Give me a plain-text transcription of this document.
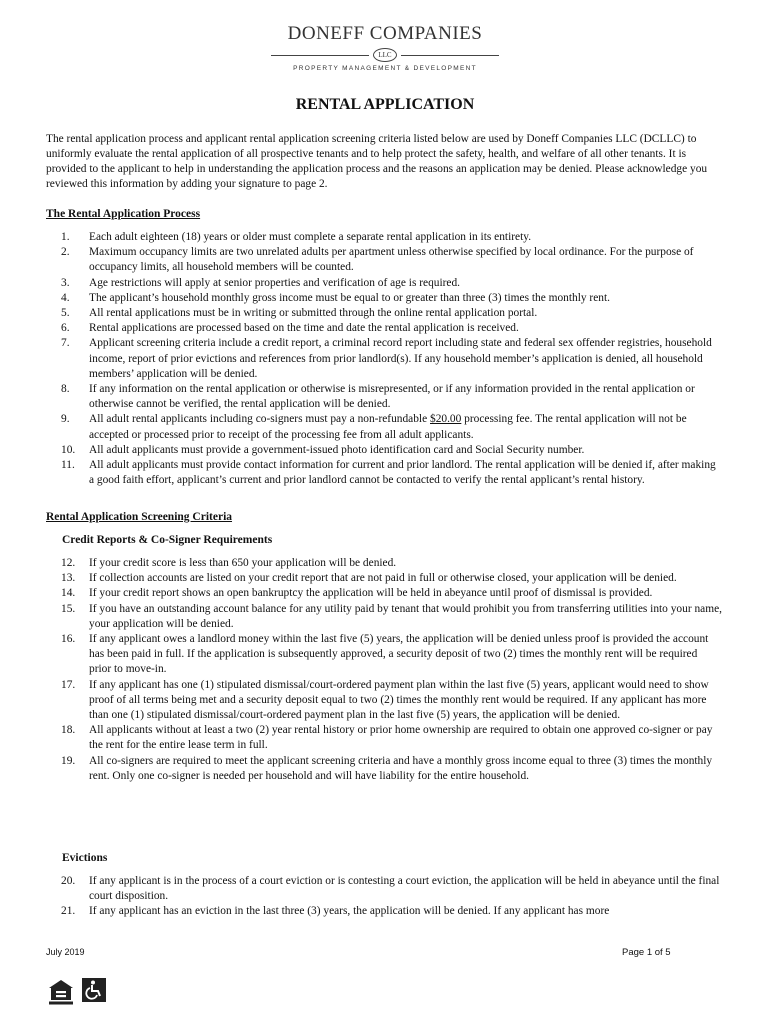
DONEFF COMPANIES
LLC
PROPERTY MANAGEMENT & DEVELOPMENT
RENTAL APPLICATION
The rental application process and applicant rental application screening criteria listed below are used by Doneff Companies LLC (DCLLC) to uniformly evaluate the rental application of all prospective tenants and to help protect the safety, health, and welfare of all other tenants. It is provided to the applicant to help in understanding the application process and the reasons an application may be denied. Please acknowledge you reviewed this information by adding your signature to page 2.
The Rental Application Process
1. Each adult eighteen (18) years or older must complete a separate rental application in its entirety.
2. Maximum occupancy limits are two unrelated adults per apartment unless otherwise specified by local ordinance. For the purpose of occupancy limits, all household members will be counted.
3. Age restrictions will apply at senior properties and verification of age is required.
4. The applicant’s household monthly gross income must be equal to or greater than three (3) times the monthly rent.
5. All rental applications must be in writing or submitted through the online rental application portal.
6. Rental applications are processed based on the time and date the rental application is received.
7. Applicant screening criteria include a credit report, a criminal record report including state and federal sex offender registries, household income, report of prior evictions and references from prior landlord(s). If any household member’s application is denied, all household members’ application will be denied.
8. If any information on the rental application or otherwise is misrepresented, or if any information provided in the rental application or otherwise cannot be verified, the rental application will be denied.
9. All adult rental applicants including co-signers must pay a non-refundable $20.00 processing fee. The rental application will not be accepted or processed prior to receipt of the processing fee from all adult applicants.
10. All adult applicants must provide a government-issued photo identification card and Social Security number.
11. All adult applicants must provide contact information for current and prior landlord. The rental application will be denied if, after making a good faith effort, applicant’s current and prior landlord cannot be contacted to verify the rental applicant’s rental history.
Rental Application Screening Criteria
Credit Reports & Co-Signer Requirements
12. If your credit score is less than 650 your application will be denied.
13. If collection accounts are listed on your credit report that are not paid in full or otherwise closed, your application will be denied.
14. If your credit report shows an open bankruptcy the application will be held in abeyance until proof of dismissal is provided.
15. If you have an outstanding account balance for any utility paid by tenant that would prohibit you from transferring utilities into your name, your application will be denied.
16. If any applicant owes a landlord money within the last five (5) years, the application will be denied unless proof is provided the account has been paid in full. If the application is subsequently approved, a security deposit of two (2) times the monthly rent will be required prior to move-in.
17. If any applicant has one (1) stipulated dismissal/court-ordered payment plan within the last five (5) years, applicant would need to show proof of all terms being met and a security deposit equal to two (2) times the monthly rent would be required. If any applicant has more than one (1) stipulated dismissal/court-ordered payment plan in the last five (5) years, the application will be denied.
18. All applicants without at least a two (2) year rental history or prior home ownership are required to obtain one approved co-signer or pay the rent for the entire lease term in full.
19. All co-signers are required to meet the applicant screening criteria and have a monthly gross income equal to three (3) times the monthly rent. Only one co-signer is needed per household and will have liability for the entire household.
Evictions
20. If any applicant is in the process of a court eviction or is contesting a court eviction, the application will be held in abeyance until the final court disposition.
21. If any applicant has an eviction in the last three (3) years, the application will be denied. If any applicant has more
July 2019	Page 1 of 5
